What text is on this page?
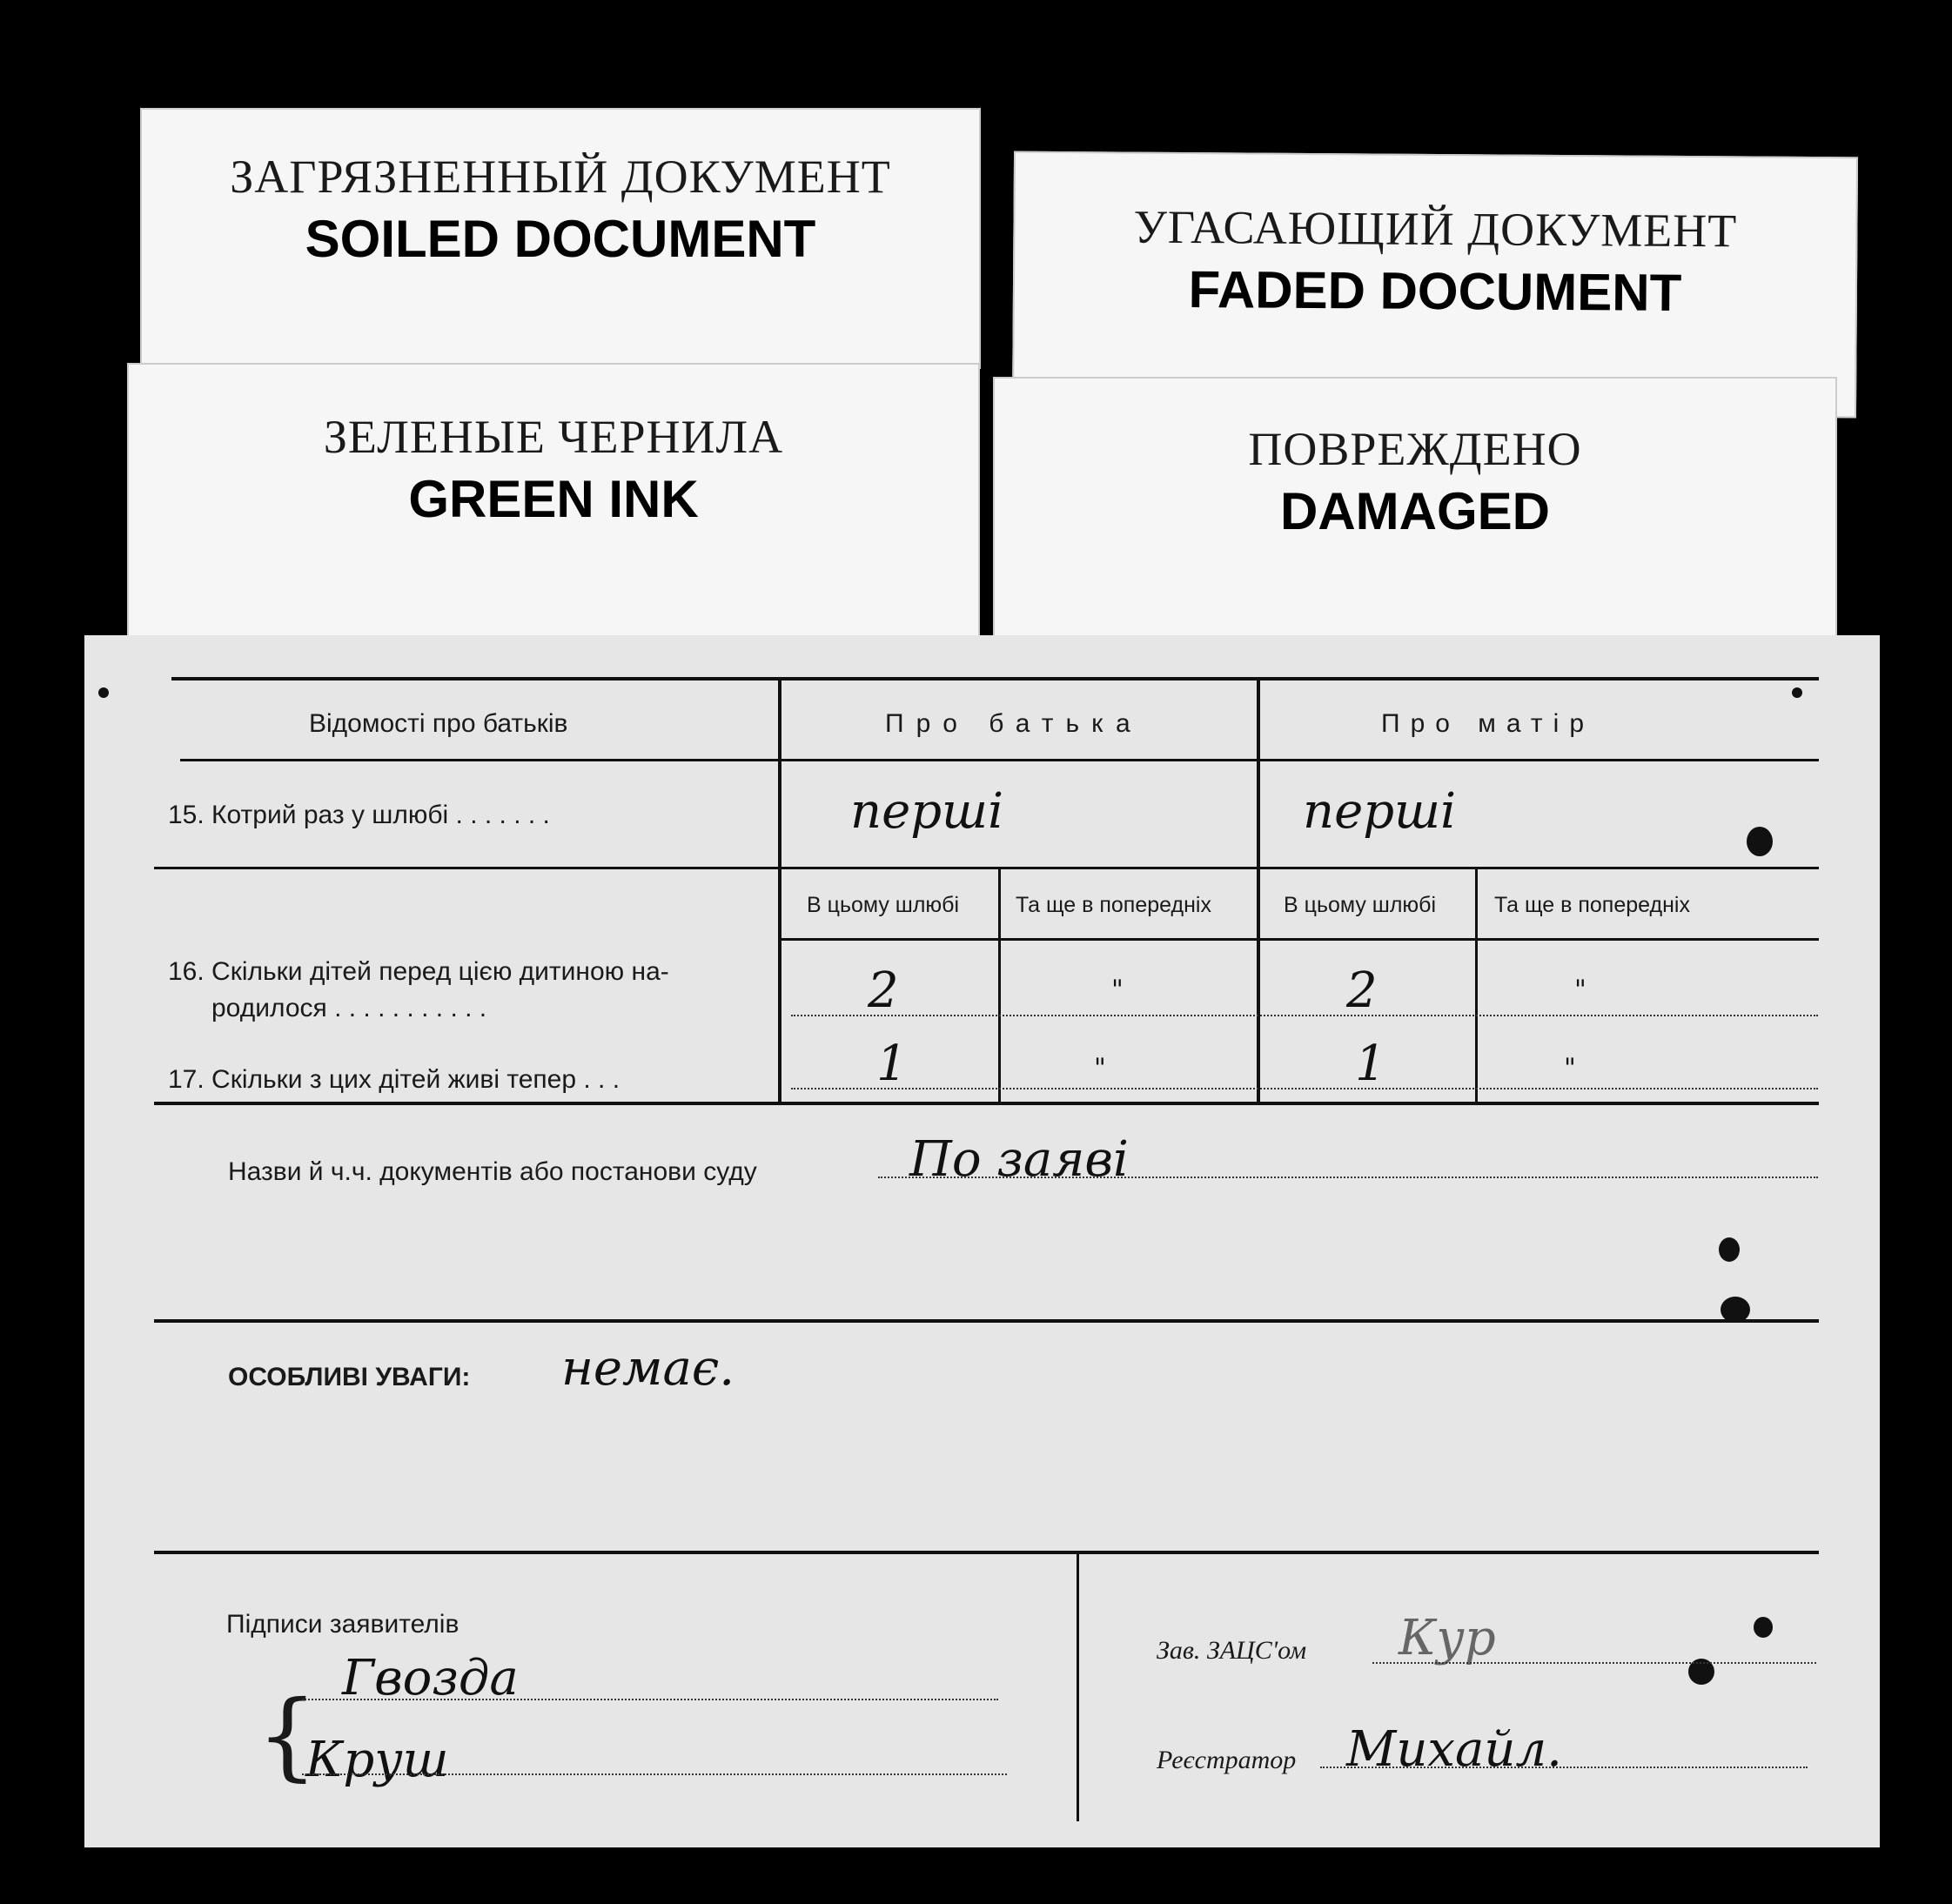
ЗАГРЯЗНЕННЫЙ ДОКУМЕНТ
SOILED DOCUMENT	УГАСАЮЩИЙ ДОКУМЕНТ
FADED DOCUMENT
ЗЕЛЕНЫЕ ЧЕРНИЛА
GREEN INK
ПОВРЕЖДЕНО
DAMAGED
Відомості про батьків	Про батька	Про матір
15. Котрий раз у шлюбі . . . . . . .	перші	перші
В цьому шлюбі	Та ще в попередніх	В цьому шлюбі	Та ще в попередніх
16. Скільки дітей перед цією дитиною на-
родилося . . . . . . . . . . .	2	"	2	"
17. Скільки з цих дітей живі тепер . . .	1	"	1	"
Назви й ч.ч. документів або постанови суду	По заяві
ОСОБЛИВІ УВАГИ: немає.
Підписи заявителів
{
Гвозда
Круш
Зав. ЗАЦС'ом Кур
Реєстратор Михайл.
